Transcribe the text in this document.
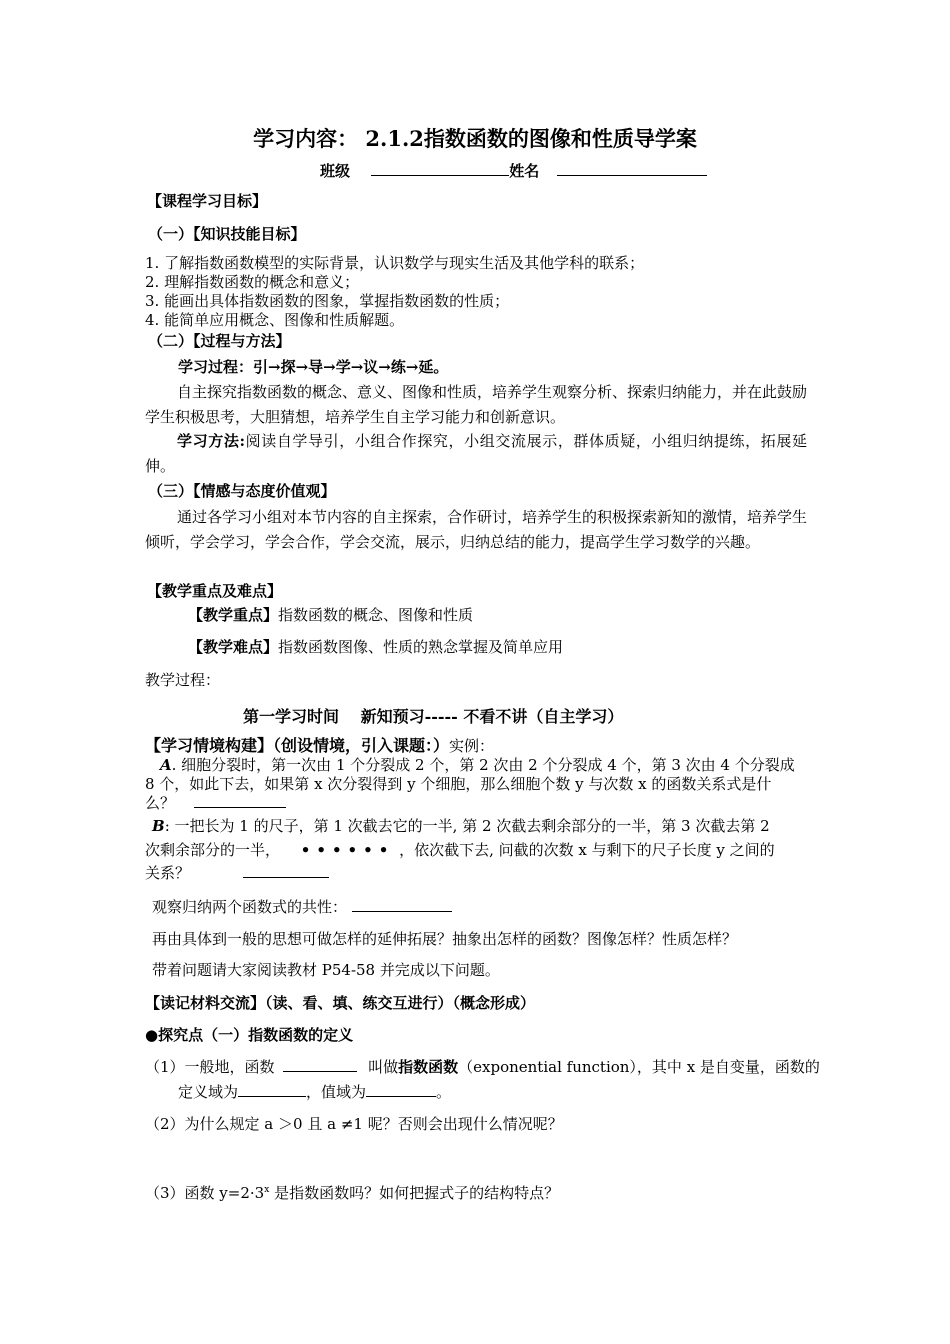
学习内容： 2.1.2指数函数的图像和性质导学案
班级	姓名
【课程学习目标】
（一）【知识技能目标】
1. 了解指数函数模型的实际背景，认识数学与现实生活及其他学科的联系；
2. 理解指数函数的概念和意义；
3. 能画出具体指数函数的图象，掌握指数函数的性质；
4. 能简单应用概念、图像和性质解题。
（二）【过程与方法】
学习过程：引→探→导→学→议→练→延。
自主探究指数函数的概念、意义、图像和性质，培养学生观察分析、探索归纳能力，并在此鼓励学生积极思考，大胆猜想，培养学生自主学习能力和创新意识。
学习方法:阅读自学导引，小组合作探究，小组交流展示，群体质疑，小组归纳提练，拓展延伸。
（三）【情感与态度价值观】
通过各学习小组对本节内容的自主探索，合作研讨，培养学生的积极探索新知的激情，培养学生倾听，学会学习，学会合作，学会交流，展示，归纳总结的能力，提高学生学习数学的兴趣。
【教学重点及难点】
【教学重点】指数函数的概念、图像和性质
【教学难点】指数函数图像、性质的熟念掌握及简单应用
教学过程：
第一学习时间　 新知预习----- 不看不讲（自主学习）
【学习情境构建】（创设情境，引入课题：）实例：
A. 细胞分裂时，第一次由 1 个分裂成 2 个，第 2 次由 2 个分裂成 4 个，第 3 次由 4 个分裂成
8 个，如此下去，如果第 x 次分裂得到 y 个细胞，那么细胞个数 y 与次数 x 的函数关系式是什
么？
B: 一把长为 1 的尺子，第 1 次截去它的一半, 第 2 次截去剩余部分的一半，第 3 次截去第 2
次剩余部分的一半， •••••• ，依次截下去, 问截的次数 x 与剩下的尺子长度 y 之间的
关系？
观察归纳两个函数式的共性：
再由具体到一般的思想可做怎样的延伸拓展？抽象出怎样的函数？图像怎样？性质怎样？
带着问题请大家阅读教材 P54-58 并完成以下问题。
【读记材料交流】（读、看、填、练交互进行）（概念形成）
●探究点（一）指数函数的定义
（1）一般地，函数	叫做指数函数（exponential function），其中 x 是自变量，函数的
定义域为	，值域为	。
（2）为什么规定 a ＞0 且 a ≠1 呢？否则会出现什么情况呢？
（3）函数 $y=2\cdot 3^x$ 是指数函数吗？如何把握式子的结构特点？
